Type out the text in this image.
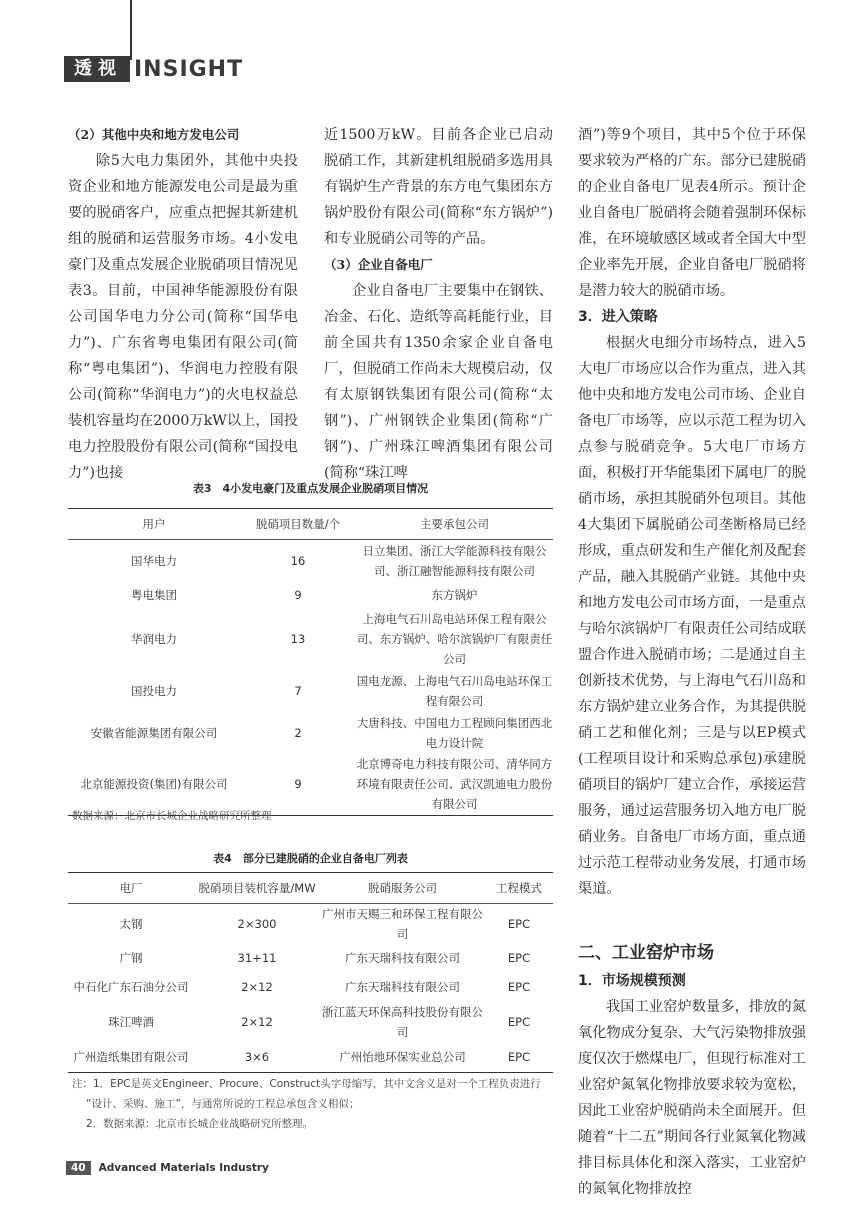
透视 INSIGHT

（2）其他中央和地方发电公司

除5大电力集团外，其他中央投资企业和地方能源发电公司是最为重要的脱硝客户，应重点把握其新建机组的脱硝和运营服务市场。4小发电豪门及重点发展企业脱硝项目情况见表3。目前，中国神华能源股份有限公司国华电力分公司(简称“国华电力”)、广东省粤电集团有限公司(简称“粤电集团”)、华润电力控股有限公司(简称“华润电力”)的火电权益总装机容量均在2000万kW以上，国投电力控股股份有限公司(简称“国投电力”)也接

近1500万kW。目前各企业已启动脱硝工作，其新建机组脱硝多选用具有锅炉生产背景的东方电气集团东方锅炉股份有限公司(简称“东方锅炉”)和专业脱硝公司等的产品。

（3）企业自备电厂

企业自备电厂主要集中在钢铁、冶金、石化、造纸等高耗能行业，目前全国共有1350余家企业自备电厂，但脱硝工作尚未大规模启动，仅有太原钢铁集团有限公司(简称“太钢”)、广州钢铁企业集团(简称“广钢”)、广州珠江啤酒集团有限公司(简称“珠江啤

酒”)等9个项目，其中5个位于环保要求较为严格的广东。部分已建脱硝的企业自备电厂见表4所示。预计企业自备电厂脱硝将会随着强制环保标准，在环境敏感区域或者全国大中型企业率先开展，企业自备电厂脱硝将是潜力较大的脱硝市场。

3．进入策略

根据火电细分市场特点，进入5大电厂市场应以合作为重点，进入其他中央和地方发电公司市场、企业自备电厂市场等，应以示范工程为切入点参与脱硝竞争。5大电厂市场方面，积极打开华能集团下属电厂的脱硝市场，承担其脱硝外包项目。其他4大集团下属脱硝公司垄断格局已经形成，重点研发和生产催化剂及配套产品，融入其脱硝产业链。其他中央和地方发电公司市场方面，一是重点与哈尔滨锅炉厂有限责任公司结成联盟合作进入脱硝市场；二是通过自主创新技术优势，与上海电气石川岛和东方锅炉建立业务合作，为其提供脱硝工艺和催化剂；三是与以EP模式(工程项目设计和采购总承包)承建脱硝项目的锅炉厂建立合作，承接运营服务，通过运营服务切入地方电厂脱硝业务。自备电厂市场方面，重点通过示范工程带动业务发展，打通市场渠道。

二、工业窑炉市场

1．市场规模预测

我国工业窑炉数量多，排放的氮氧化物成分复杂、大气污染物排放强度仅次于燃煤电厂，但现行标准对工业窑炉氮氧化物排放要求较为宽松，因此工业窑炉脱硝尚未全面展开。但随着“十二五”期间各行业氮氧化物减排目标具体化和深入落实，工业窑炉的氮氧化物排放控

表3　4小发电豪门及重点发展企业脱硝项目情况
用户	脱硝项目数量/个	主要承包公司
国华电力	16	日立集团、浙江大学能源科技有限公司、浙江融智能源科技有限公司
粤电集团	9	东方锅炉
华润电力	13	上海电气石川岛电站环保工程有限公司、东方锅炉、哈尔滨锅炉厂有限责任公司
国投电力	7	国电龙源、上海电气石川岛电站环保工程有限公司
安徽省能源集团有限公司	2	大唐科技、中国电力工程顾问集团西北电力设计院
北京能源投资(集团)有限公司	9	北京博奇电力科技有限公司、清华同方环境有限责任公司、武汉凯迪电力股份有限公司
数据来源：北京市长城企业战略研究所整理
表4　部分已建脱硝的企业自备电厂列表
电厂	脱硝项目装机容量/MW	脱硝服务公司	工程模式
太钢	2×300	广州市天赐三和环保工程有限公司	EPC
广钢	31+11	广东天瑞科技有限公司	EPC
中石化广东石油分公司	2×12	广东天瑞科技有限公司	EPC
珠江啤酒	2×12	浙江蓝天环保高科技股份有限公司	EPC
广州造纸集团有限公司	3×6	广州怡地环保实业总公司	EPC
注：1．EPC是英文Engineer、Procure、Construct头字母缩写，其中文含义是对一个工程负责进行
“设计、采购、施工”，与通常所说的工程总承包含义相似；
2．数据来源：北京市长城企业战略研究所整理。
40	Advanced Materials Industry
